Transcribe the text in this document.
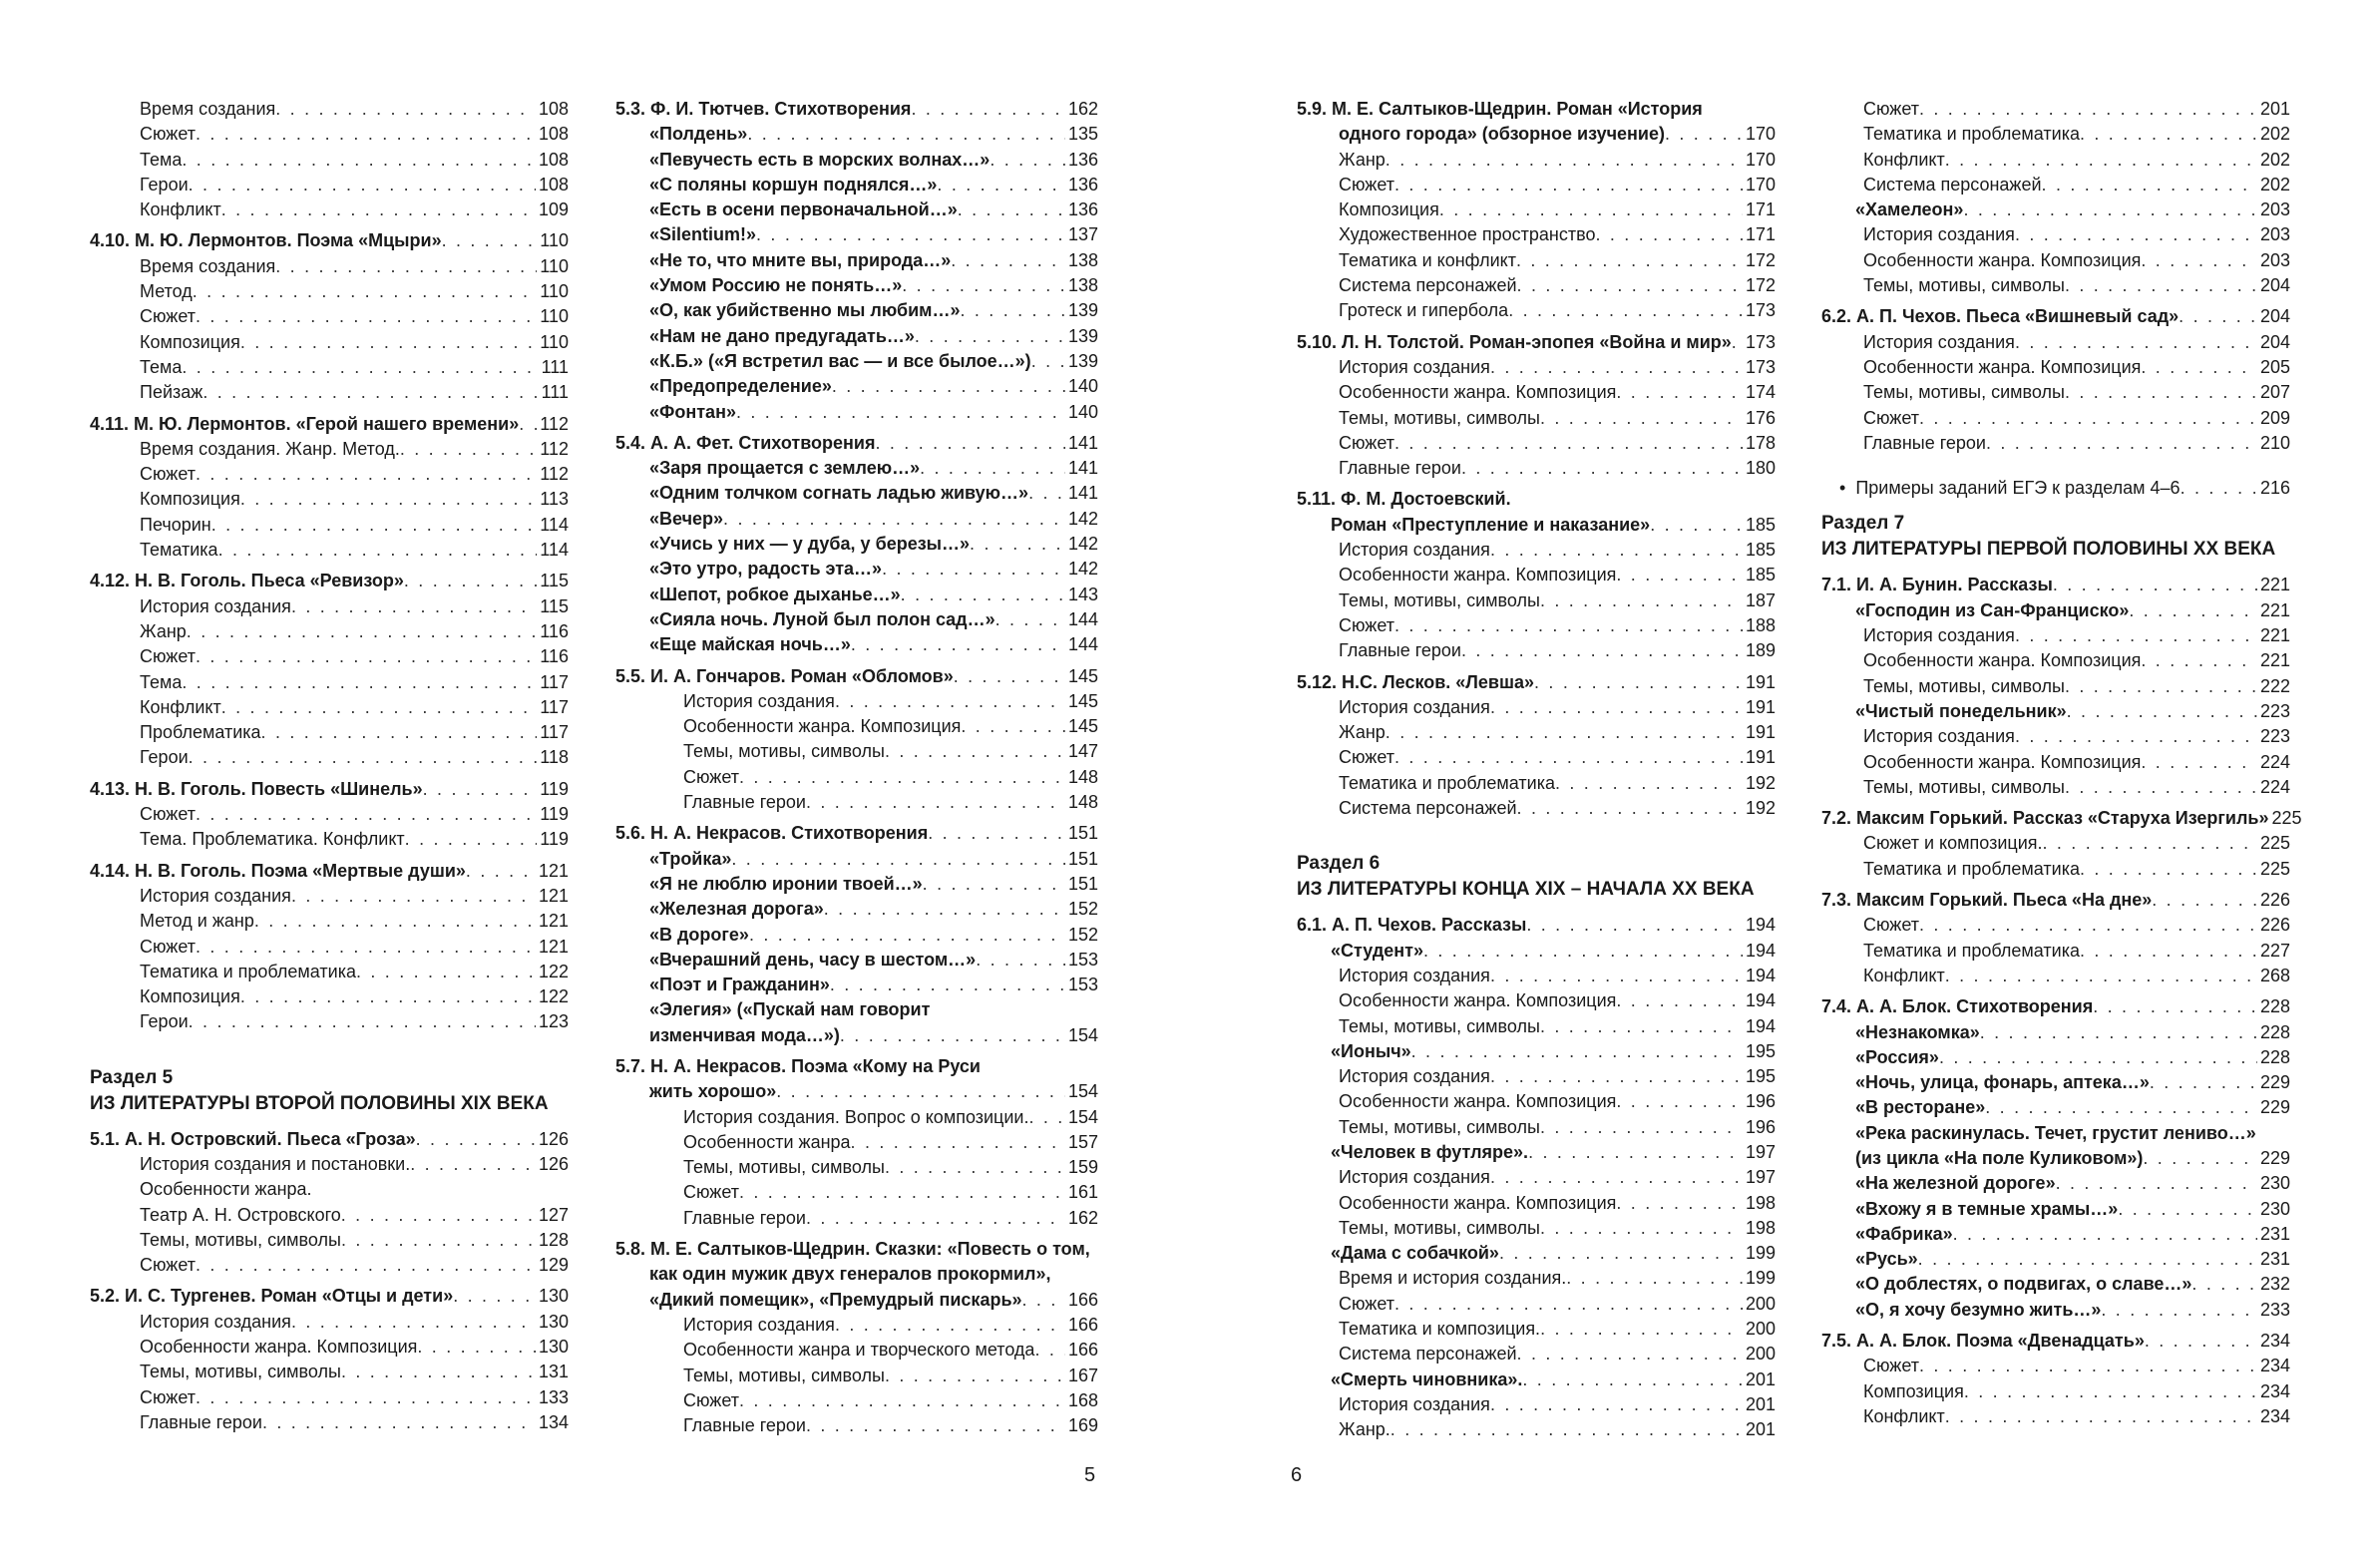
Время создания . . .	108
Сюжет . . .	108
Тема . . .	108
Герои . . .	108
Конфликт . . .	109
4.10. М. Ю. Лермонтов. Поэма «Мцыри» . . .	110
Время создания . . .	110
Метод . . .	110
Сюжет . . .	110
Композиция . . .	110
Тема . . .	111
Пейзаж . . .	111
4.11. М. Ю. Лермонтов. «Герой нашего времени» . . . 112
Время создания. Жанр. Метод. . . .	112
Сюжет . . .	112
Композиция . . .	113
Печорин . . .	114
Тематика . . .	114
4.12. Н. В. Гоголь. Пьеса «Ревизор» . . .	115
История создания . . .	115
Жанр . . .	116
Сюжет . . .	116
Тема . . .	117
Конфликт . . .	117
Проблематика . . .	117
Герои . . .	118
4.13. Н. В. Гоголь. Повесть «Шинель» . . .	119
Сюжет . . .	119
Тема. Проблематика. Конфликт . . .	119
4.14. Н. В. Гоголь. Поэма «Мертвые души» . . .	121
История создания . . .	121
Метод и жанр . . .	121
Сюжет . . .	121
Тематика и проблематика . . .	122
Композиция . . .	122
Герои . . .	123
Раздел 5
ИЗ ЛИТЕРАТУРЫ ВТОРОЙ ПОЛОВИНЫ XIX ВЕКА
5.1. А. Н. Островский. Пьеса «Гроза» . . .	126
История создания и постановки. . . .	126
Особенности жанра.
Театр А. Н. Островского . . .	127
Темы, мотивы, символы . . .	128
Сюжет . . .	129
5.2. И. С. Тургенев. Роман «Отцы и дети» . . .	130
История создания . . .	130
Особенности жанра. Композиция . . .	130
Темы, мотивы, символы . . .	131
Сюжет . . .	133
Главные герои . . .	134
5.3. Ф. И. Тютчев. Стихотворения . . .	162
«Полдень» . . .	135
«Певучесть есть в морских волнах…» . . .	136
«С поляны коршун поднялся…» . . .	136
«Есть в осени первоначальной…» . . .	136
«Silentium!» . . .	137
«Не то, что мните вы, природа…» . . .	138
«Умом Россию не понять…» . . .	138
«О, как убийственно мы любим…» . . .	139
«Нам не дано предугадать…» . . .	139
«К.Б.» («Я встретил вас — и все былое…») . . . 139
«Предопределение» . . .	140
«Фонтан» . . .	140
5.4. А. А. Фет. Стихотворения . . .	141
«Заря прощается с землею…» . . .	141
«Одним толчком согнать ладью живую…» . . . 141
«Вечер» . . .	142
«Учись у них — у дуба, у березы…» . . .	142
«Это утро, радость эта…» . . .	142
«Шепот, робкое дыханье…» . . .	143
«Сияла ночь. Луной был полон сад…» . . .	144
«Еще майская ночь…» . . .	144
5.5. И. А. Гончаров. Роман «Обломов» . . .	145
История создания . . .	145
Особенности жанра. Композиция . . .	145
Темы, мотивы, символы . . .	147
Сюжет . . .	148
Главные герои . . .	148
5.6. Н. А. Некрасов. Стихотворения . . .	151
«Тройка» . . .	151
«Я не люблю иронии твоей…» . . .	151
«Железная дорога» . . .	152
«В дороге» . . .	152
«Вчерашний день, часу в шестом…» . . .	153
«Поэт и Гражданин» . . .	153
«Элегия» («Пускай нам говорит
изменчивая мода…») . . .	154
5.7. Н. А. Некрасов. Поэма «Кому на Руси
жить хорошо» . . .	154
История создания. Вопрос о композиции. . . . 154
Особенности жанра . . .	157
Темы, мотивы, символы . . .	159
Сюжет . . .	161
Главные герои . . .	162
5.8. М. Е. Салтыков-Щедрин. Сказки: «Повесть о том,
как один мужик двух генералов прокормил»,
«Дикий помещик», «Премудрый пискарь» . . .	166
История создания . . .	166
Особенности жанра и творческого метода . . . 166
Темы, мотивы, символы . . .	167
Сюжет . . .	168
Главные герои . . .	169
5.9. М. Е. Салтыков-Щедрин. Роман «История
одного города» (обзорное изучение) . . .	170
Жанр . . .	170
Сюжет . . .	170
Композиция . . .	171
Художественное пространство . . .	171
Тематика и конфликт . . .	172
Система персонажей . . .	172
Гротеск и гипербола . . .	173
5.10. Л. Н. Толстой. Роман-эпопея «Война и мир» . . . 173
История создания . . .	173
Особенности жанра. Композиция . . .	174
Темы, мотивы, символы . . .	176
Сюжет . . .	178
Главные герои . . .	180
5.11. Ф. М. Достоевский.
Роман «Преступление и наказание» . . .	185
История создания . . .	185
Особенности жанра. Композиция . . .	185
Темы, мотивы, символы . . .	187
Сюжет . . .	188
Главные герои . . .	189
5.12. Н.С. Лесков. «Левша» . . .	191
История создания . . .	191
Жанр . . .	191
Сюжет . . .	191
Тематика и проблематика . . .	192
Система персонажей . . .	192
Раздел 6
ИЗ ЛИТЕРАТУРЫ КОНЦА XIX – НАЧАЛА XX ВЕКА
6.1. А. П. Чехов. Рассказы . . .	194
«Студент» . . .	194
История создания . . .	194
Особенности жанра. Композиция . . .	194
Темы, мотивы, символы . . .	194
«Ионыч» . . .	195
История создания . . .	195
Особенности жанра. Композиция . . .	196
Темы, мотивы, символы . . .	196
«Человек в футляре». . . .	197
История создания . . .	197
Особенности жанра. Композиция . . .	198
Темы, мотивы, символы . . .	198
«Дама с собачкой» . . .	199
Время и история создания. . . .	199
Сюжет . . .	200
Тематика и композиция. . . .	200
Система персонажей . . .	200
«Смерть чиновника». . . .	201
История создания . . .	201
Жанр. . . .	201
Сюжет . . .	201
Тематика и проблематика . . .	202
Конфликт . . .	202
Система персонажей . . .	202
«Хамелеон» . . .	203
История создания . . .	203
Особенности жанра. Композиция . . .	203
Темы, мотивы, символы . . .	204
6.2. А. П. Чехов. Пьеса «Вишневый сад» . . .	204
История создания . . .	204
Особенности жанра. Композиция . . .	205
Темы, мотивы, символы . . .	207
Сюжет . . .	209
Главные герои . . .	210
• Примеры заданий ЕГЭ к разделам 4–6 . . .	216
Раздел 7
ИЗ ЛИТЕРАТУРЫ ПЕРВОЙ ПОЛОВИНЫ XX ВЕКА
7.1. И. А. Бунин. Рассказы . . .	221
«Господин из Сан-Франциско» . . .	221
История создания . . .	221
Особенности жанра. Композиция . . .	221
Темы, мотивы, символы . . .	222
«Чистый понедельник» . . .	223
История создания . . .	223
Особенности жанра. Композиция . . .	224
Темы, мотивы, символы . . .	224
7.2. Максим Горький. Рассказ «Старуха Изергиль» 225
Сюжет и композиция. . . .	225
Тематика и проблематика . . .	225
7.3. Максим Горький. Пьеса «На дне» . . .	226
Сюжет . . .	226
Тематика и проблематика . . .	227
Конфликт . . .	268
7.4. А. А. Блок. Стихотворения . . .	228
«Незнакомка» . . .	228
«Россия» . . .	228
«Ночь, улица, фонарь, аптека…» . . .	229
«В ресторане» . . .	229
«Река раскинулась. Течет, грустит лениво…»
(из цикла «На поле Куликовом») . . .	229
«На железной дороге» . . .	230
«Вхожу я в темные храмы…» . . .	230
«Фабрика» . . .	231
«Русь» . . .	231
«О доблестях, о подвигах, о славе…» . . .	232
«О, я хочу безумно жить…» . . .	233
7.5. А. А. Блок. Поэма «Двенадцать» . . .	234
Сюжет . . .	234
Композиция . . .	234
Конфликт . . .	234
5	6
